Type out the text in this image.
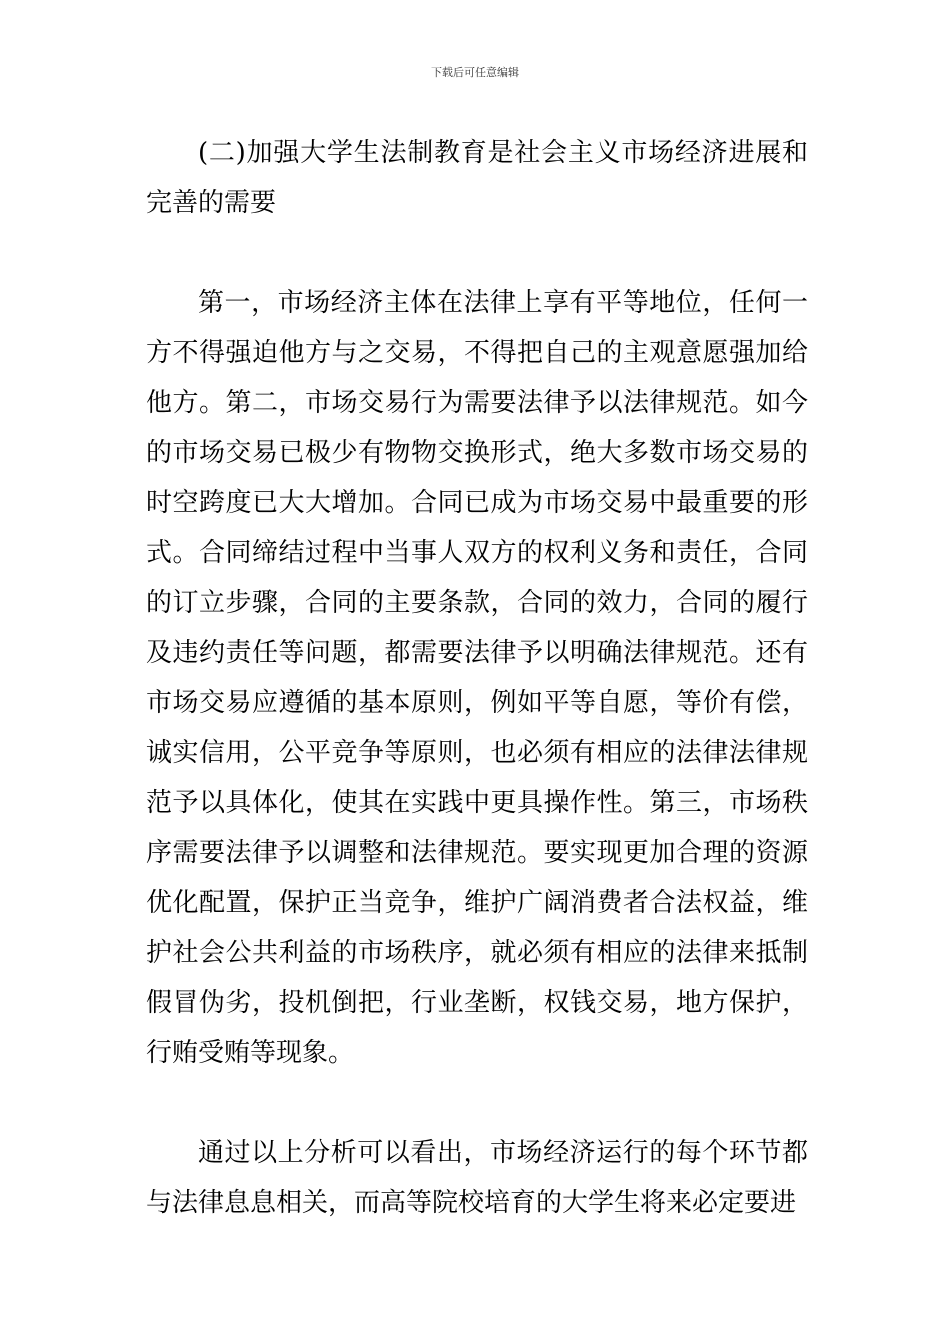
下载后可任意编辑

(二)加强大学生法制教育是社会主义市场经济进展和完善的需要

第一，市场经济主体在法律上享有平等地位，任何一方不得强迫他方与之交易，不得把自己的主观意愿强加给他方。第二，市场交易行为需要法律予以法律规范。如今的市场交易已极少有物物交换形式，绝大多数市场交易的时空跨度已大大增加。合同已成为市场交易中最重要的形式。合同缔结过程中当事人双方的权利义务和责任，合同的订立步骤，合同的主要条款，合同的效力，合同的履行及违约责任等问题，都需要法律予以明确法律规范。还有市场交易应遵循的基本原则，例如平等自愿，等价有偿，诚实信用，公平竞争等原则，也必须有相应的法律法律规范予以具体化，使其在实践中更具操作性。第三，市场秩序需要法律予以调整和法律规范。要实现更加合理的资源优化配置，保护正当竞争，维护广阔消费者合法权益，维护社会公共利益的市场秩序，就必须有相应的法律来抵制假冒伪劣，投机倒把，行业垄断，权钱交易，地方保护，行贿受贿等现象。

通过以上分析可以看出，市场经济运行的每个环节都与法律息息相关，而高等院校培育的大学生将来必定要进
